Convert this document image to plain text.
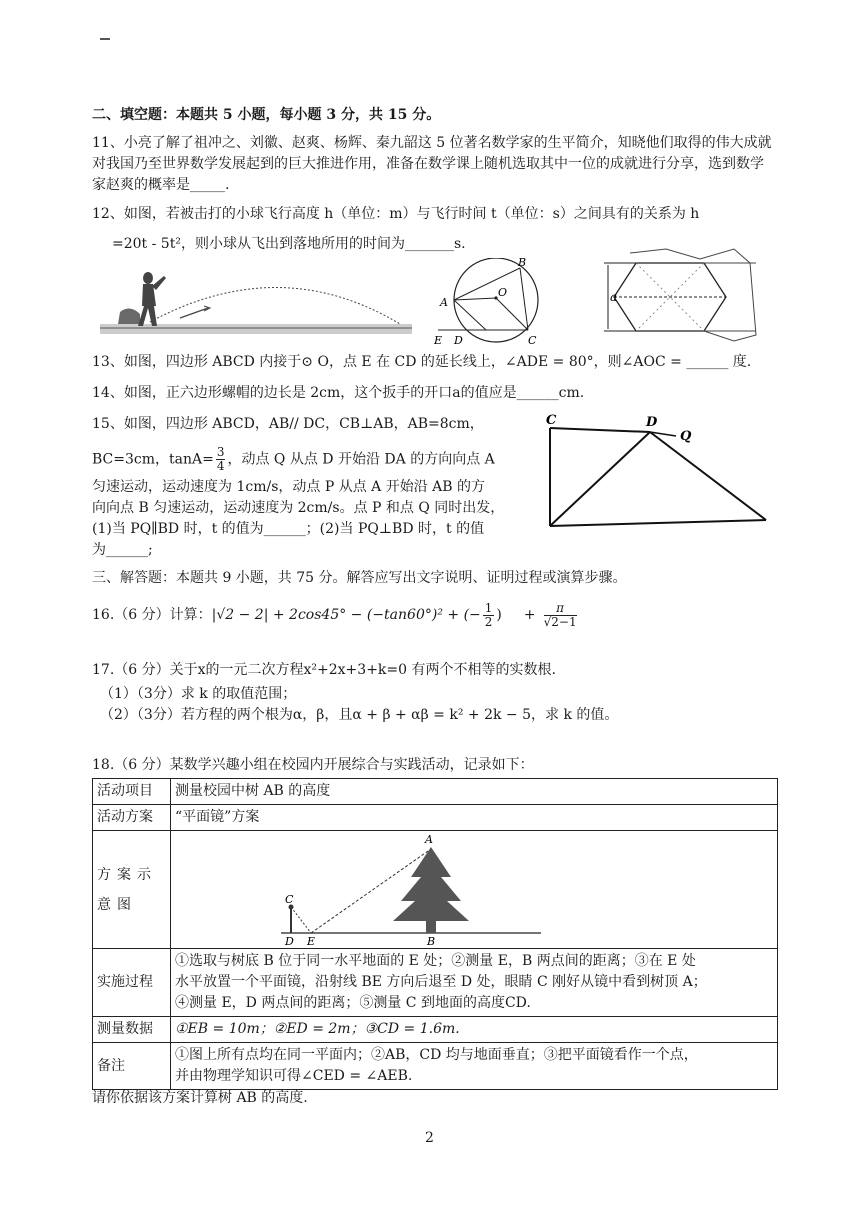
二、填空题：本题共 5 小题，每小题 3 分，共 15 分。
11、小亮了解了祖冲之、刘徽、赵爽、杨辉、秦九韶这 5 位著名数学家的生平简介，知晓他们取得的伟大成就
对我国乃至世界数学发展起到的巨大推进作用，准备在数学课上随机选取其中一位的成就进行分享，选到数学
家赵爽的概率是_____.
12、如图，若被击打的小球飞行高度 h（单位：m）与飞行时间 t（单位：s）之间具有的关系为 h
=20t - 5t²，则小球从飞出到落地所用的时间为_______s.
A
B
C
D
E
O	a
13、如图，四边形 ABCD 内接于⊙ O，点 E 在 CD 的延长线上，∠ADE = 80°，则∠AOC = ______ 度.
14、如图，正六边形螺帽的边长是 2cm，这个扳手的开口a的值应是______cm.
15、如图，四边形 ABCD，AB// DC，CB⊥AB，AB=8cm，
BC=3cm，$\tan A= \frac{3}{4}$ ，动点 Q 从点 D 开始沿 DA 的方向向点 A
匀速运动，运动速度为 1cm/s，动点 P 从点 A 开始沿 AB 的方
向向点 B 匀速运动，运动速度为 2cm/s。点 P 和点 Q 同时出发，
(1)当 PQ∥BD 时，t 的值为______；(2)当 PQ⊥BD 时，t 的值
为______;
C	D
Q
三、解答题：本题共 9 小题，共 75 分。解答应写出文字说明、证明过程或演算步骤。
16.（6 分）计算：|√2 − 2| + 2cos45° − (−tan60°)² + (− $\frac{1}{2}$ ) + $\frac{\pi}{√2-1}$
17.（6 分）关于x的一元二次方程x²+2x+3+k=0 有两个不相等的实数根.
（1）（3分）求 k 的取值范围；
（2）（3分）若方程的两个根为α，β，且α + β + αβ = k² + 2k − 5，求 k 的值。
18.（6 分）某数学兴趣小组在校园内开展综合与实践活动，记录如下：
活动项目	测量校园中树 AB 的高度
活动方案	“平面镜”方案
方案示意图	C
D E B
A

实施过程	①选取与树底 B 位于同一水平地面的 E 处；②测量 E，B 两点间的距离；③在 E 处
水平放置一个平面镜，沿射线 BE 方向后退至 D 处，眼睛 C 刚好从镜中看到树顶 A；
④测量 E，D 两点间的距离；⑤测量 C 到地面的高度CD.

测量数据	①EB = 10m；②ED = 2m；③CD = 1.6m.
备注	①图上所有点均在同一平面内；②AB，CD 均与地面垂直；③把平面镜看作一个点，
并由物理学知识可得∠CED = ∠AEB.
请你依据该方案计算树 AB 的高度.
2
